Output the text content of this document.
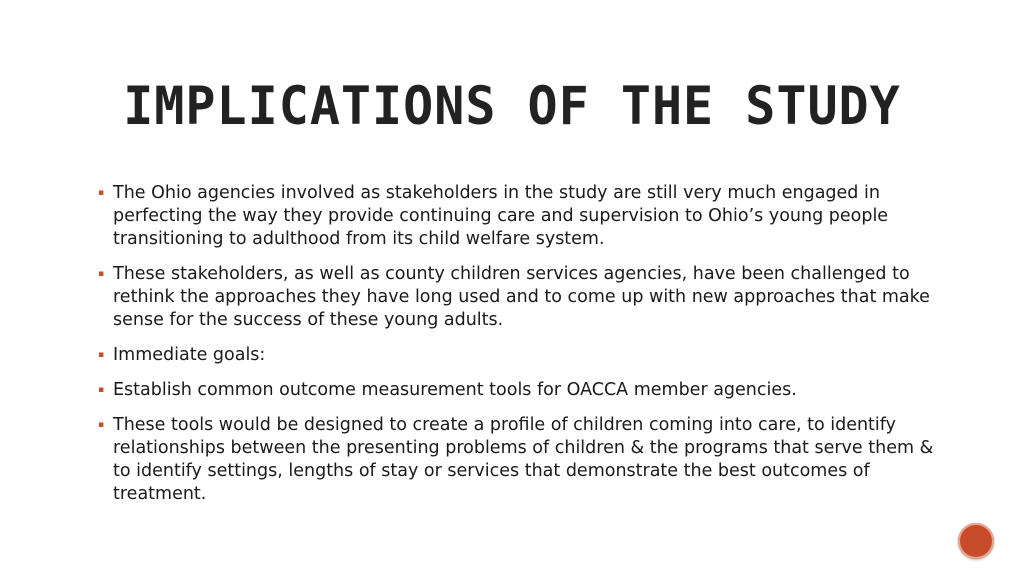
IMPLICATIONS OF THE STUDY
▪ The Ohio agencies involved as stakeholders in the study are still very much engaged in perfecting the way they provide continuing care and supervision to Ohio’s young people transitioning to adulthood from its child welfare system.
▪ These stakeholders, as well as county children services agencies, have been challenged to rethink the approaches they have long used and to come up with new approaches that make sense for the success of these young adults.
▪ Immediate goals:
▪ Establish common outcome measurement tools for OACCA member agencies.
▪ These tools would be designed to create a profile of children coming into care, to identify relationships between the presenting problems of children & the programs that serve them & to identify settings, lengths of stay or services that demonstrate the best outcomes of treatment.
